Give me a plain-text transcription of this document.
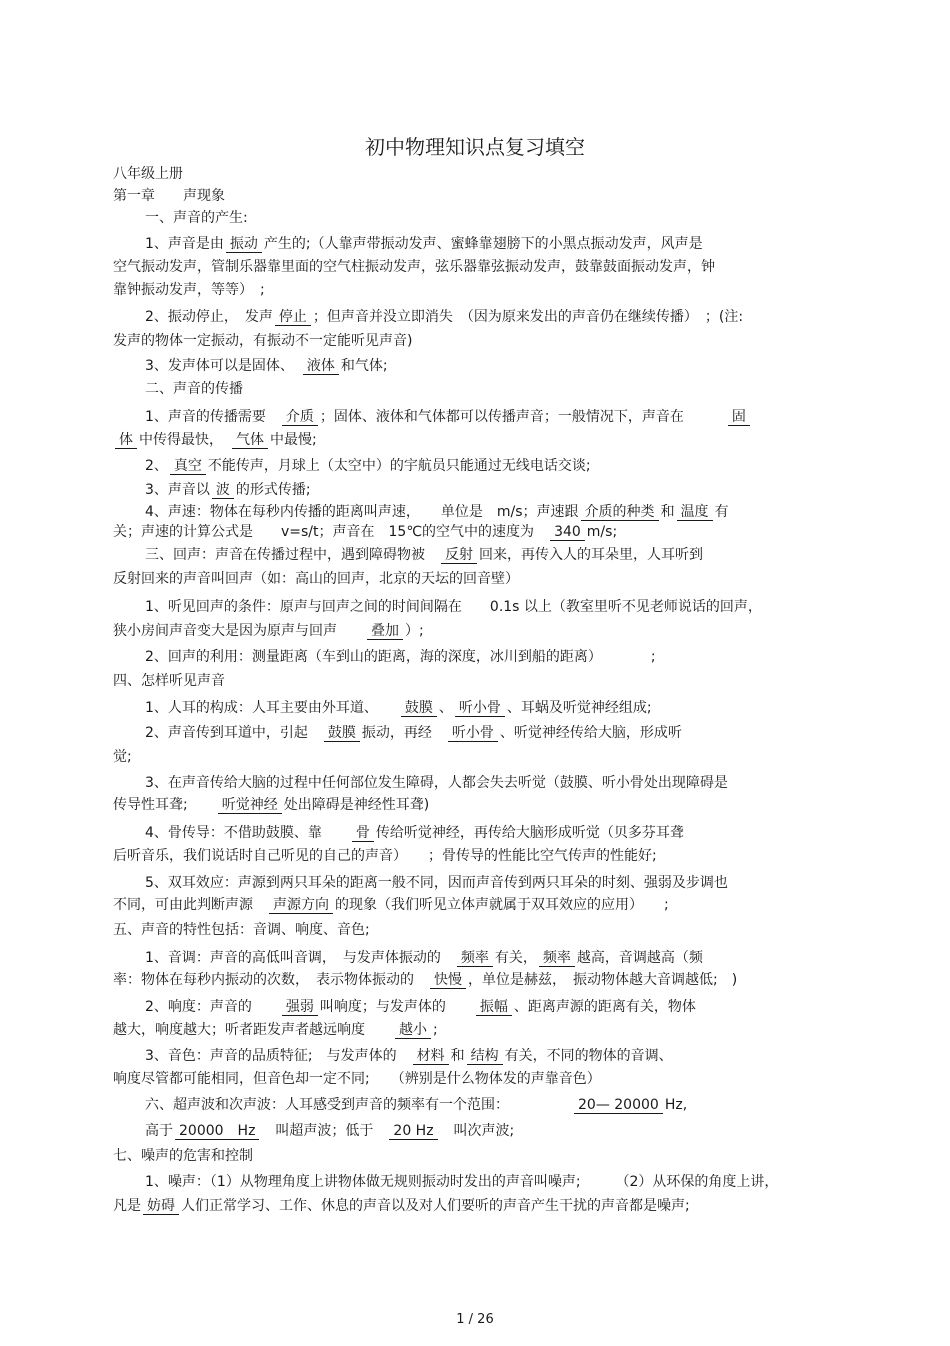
初中物理知识点复习填空
八年级上册
第一章　　声现象
一、声音的产生:
1、声音是由 振动 产生的;（人靠声带振动发声、蜜蜂靠翅膀下的小黑点振动发声，风声是
空气振动发声，管制乐器靠里面的空气柱振动发声，弦乐器靠弦振动发声，鼓靠鼓面振动发声，钟
靠钟振动发声，等等）　;
2、振动停止，　发声 停止 ；但声音并没立即消失　（因为原来发出的声音仍在继续传播）　；(注:
发声的物体一定振动，有振动不一定能听见声音)
3、发声体可以是固体、　液体 和气体;
二、声音的传播
1、声音的传播需要　介质 ；固体、液体和气体都可以传播声音；一般情况下，声音在　　　固
体 中传得最快，　气体 中最慢;
2、 真空 不能传声，月球上（太空中）的宇航员只能通过无线电话交谈;
3、声音以 波 的形式传播;
4、声速：物体在每秒内传播的距离叫声速，　　单位是　m/s；声速跟 介质的种类 和 温度 有
关；声速的计算公式是　　v=s/t；声音在　15℃的空气中的速度为　340 m/s;
三、回声：声音在传播过程中，遇到障碍物被　反射 回来，再传入人的耳朵里，人耳听到
反射回来的声音叫回声（如：高山的回声，北京的天坛的回音壁）
1、听见回声的条件：原声与回声之间的时间间隔在　　0.1s 以上（教室里听不见老师说话的回声，
狭小房间声音变大是因为原声与回声　　叠加 ）;
2、回声的利用：测量距离（车到山的距离，海的深度，冰川到船的距离）　　　　;
四、怎样听见声音
1、人耳的构成：人耳主要由外耳道、　　鼓膜 、 听小骨 、耳蜗及听觉神经组成;
2、声音传到耳道中，引起　鼓膜 振动，再经　听小骨 、听觉神经传给大脑，形成听
觉;
3、在声音传给大脑的过程中任何部位发生障碍，人都会失去听觉（鼓膜、听小骨处出现障碍是
传导性耳聋;　　听觉神经 处出障碍是神经性耳聋)
4、骨传导：不借助鼓膜、靠　　骨 传给听觉神经，再传给大脑形成听觉（贝多芬耳聋
后听音乐，我们说话时自己听见的自己的声音）　　；骨传导的性能比空气传声的性能好;
5、双耳效应：声源到两只耳朵的距离一般不同，因而声音传到两只耳朵的时刻、强弱及步调也
不同，可由此判断声源　声源方向 的现象（我们听见立体声就属于双耳效应的应用）　　;
五、声音的特性包括：音调、响度、音色;
1、音调：声音的高低叫音调，　与发声体振动的　频率 有关， 频率 越高，音调越高（频
率：物体在每秒内振动的次数，　表示物体振动的　快慢 ，单位是赫兹，　振动物体越大音调越低;　)
2、响度：声音的　　强弱 叫响度；与发声体的　　振幅 、距离声源的距离有关，物体
越大，响度越大；听者距发声者越远响度　　越小 ;
3、音色：声音的品质特征;　与发声体的　材料 和 结构 有关，不同的物体的音调、
响度尽管都可能相同，但音色却一定不同;　　（辨别是什么物体发的声靠音色）
六、超声波和次声波：人耳感受到声音的频率有一个范围：　　　　　20— 20000 Hz,
高于 20000　Hz　叫超声波；低于　20 Hz　叫次声波;
七、噪声的危害和控制
1、噪声：（1）从物理角度上讲物体做无规则振动时发出的声音叫噪声;　　　（2）从环保的角度上讲，
凡是 妨碍 人们正常学习、工作、休息的声音以及对人们要听的声音产生干扰的声音都是噪声;
1 / 26
